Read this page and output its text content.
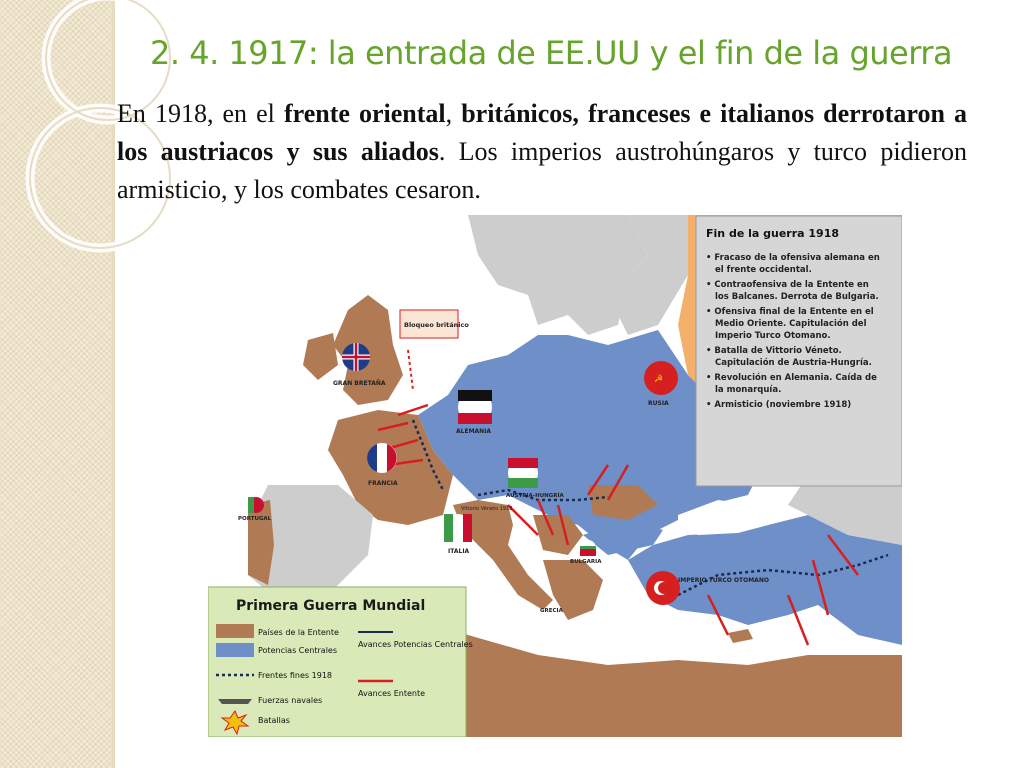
2. 4. 1917: la entrada de EE.UU y el fin de la guerra
En 1918, en el frente oriental, británicos, franceses e italianos derrotaron a los austriacos y sus aliados. Los imperios austrohúngaros y turco pidieron armisticio, y los combates cesaron.
☭
GRAN BRETAÑA
FRANCIA
PORTUGAL
ALEMANIA
AUSTRIA-HUNGRÍA
ITALIA
BULGARIA
GRECIA
RUSIA
IMPERIO TURCO OTOMANO
Vittorio Véneto 1918
Bloqueo británico
Fin de la guerra 1918
• Fracaso de la ofensiva alemana en el frente occidental.
• Contraofensiva de la Entente en los Balcanes. Derrota de Bulgaria.
• Ofensiva final de la Entente en el Medio Oriente. Capitulación del Imperio Turco Otomano.
• Batalla de Vittorio Véneto. Capitulación de Austria-Hungría.
• Revolución en Alemania. Caída de la monarquía.
• Armisticio (noviembre 1918)
Primera Guerra Mundial
Países de la Entente
Potencias Centrales
Frentes fines 1918
Fuerzas navales
Batallas
Avances Potencias Centrales
Avances Entente
